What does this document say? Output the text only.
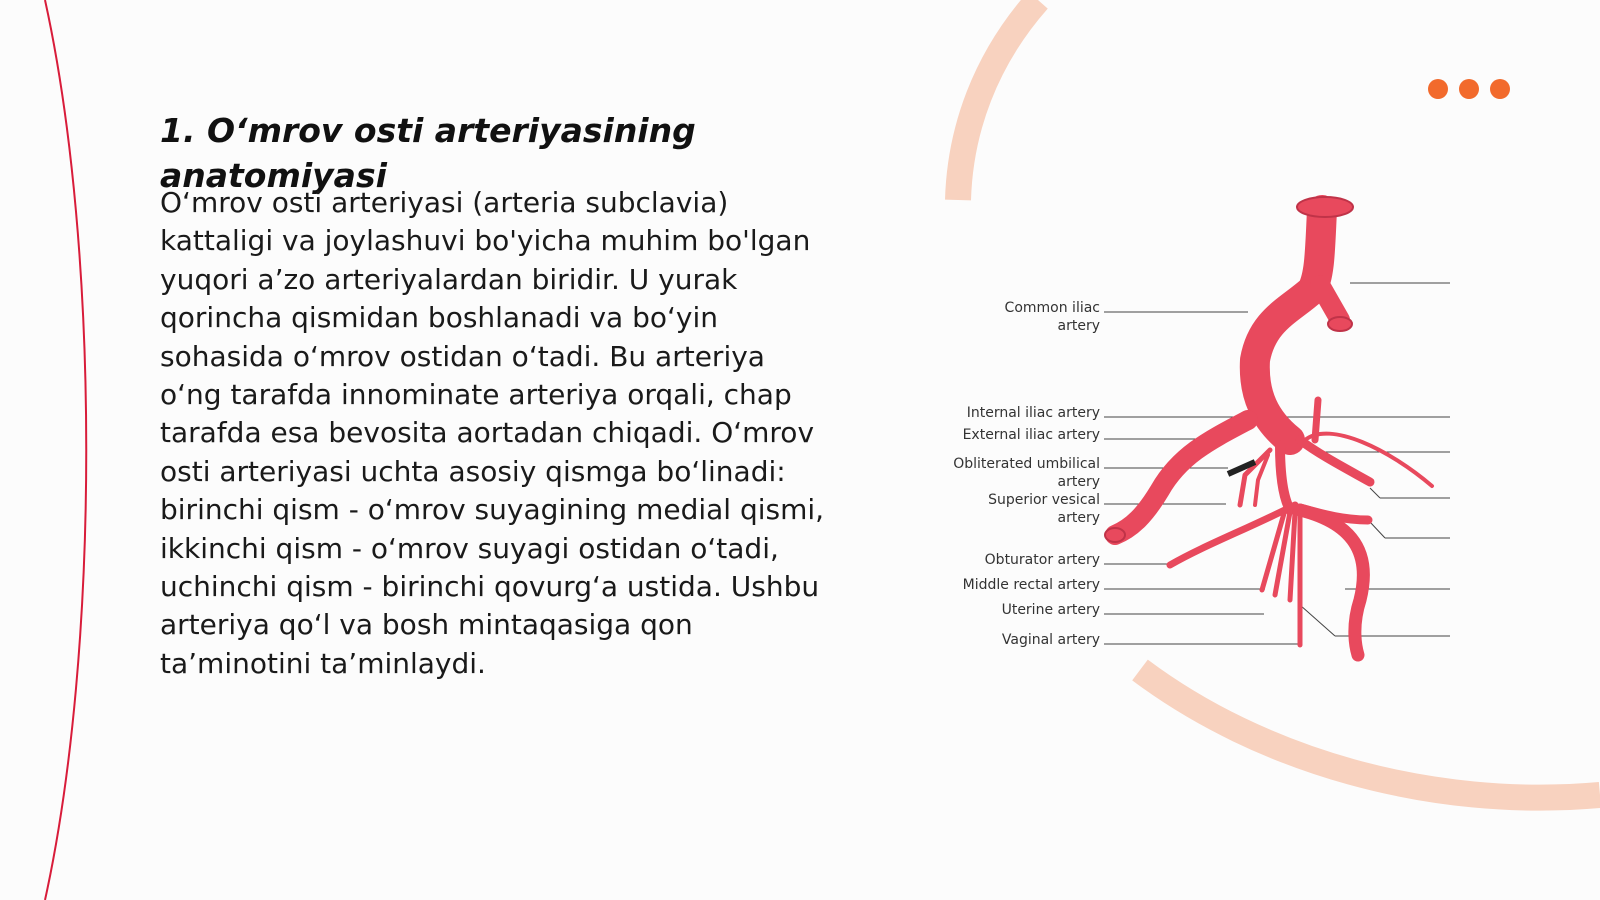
1. O‘mrov osti arteriyasining anatomiyasi

O‘mrov osti arteriyasi (arteria subclavia) kattaligi va joylashuvi bo'yicha muhim bo'lgan yuqori a’zo arteriyalardan biridir. U yurak qorincha qismidan boshlanadi va bo‘yin sohasida o‘mrov ostidan o‘tadi. Bu arteriya o‘ng tarafda innominate arteriya orqali, chap tarafda esa bevosita aortadan chiqadi. O‘mrov osti arteriyasi uchta asosiy qismga bo‘linadi: birinchi qism - o‘mrov suyagining medial qismi, ikkinchi qism - o‘mrov suyagi ostidan o‘tadi, uchinchi qism - birinchi qovurg‘a ustida. Ushbu arteriya qo‘l va bosh mintaqasiga qon ta’minotini ta’minlaydi.

Common iliac
artery
Internal iliac artery
External iliac artery
Obliterated umbilical
artery
Superior vesical
artery
Obturator artery
Middle rectal artery
Uterine artery
Vaginal artery
